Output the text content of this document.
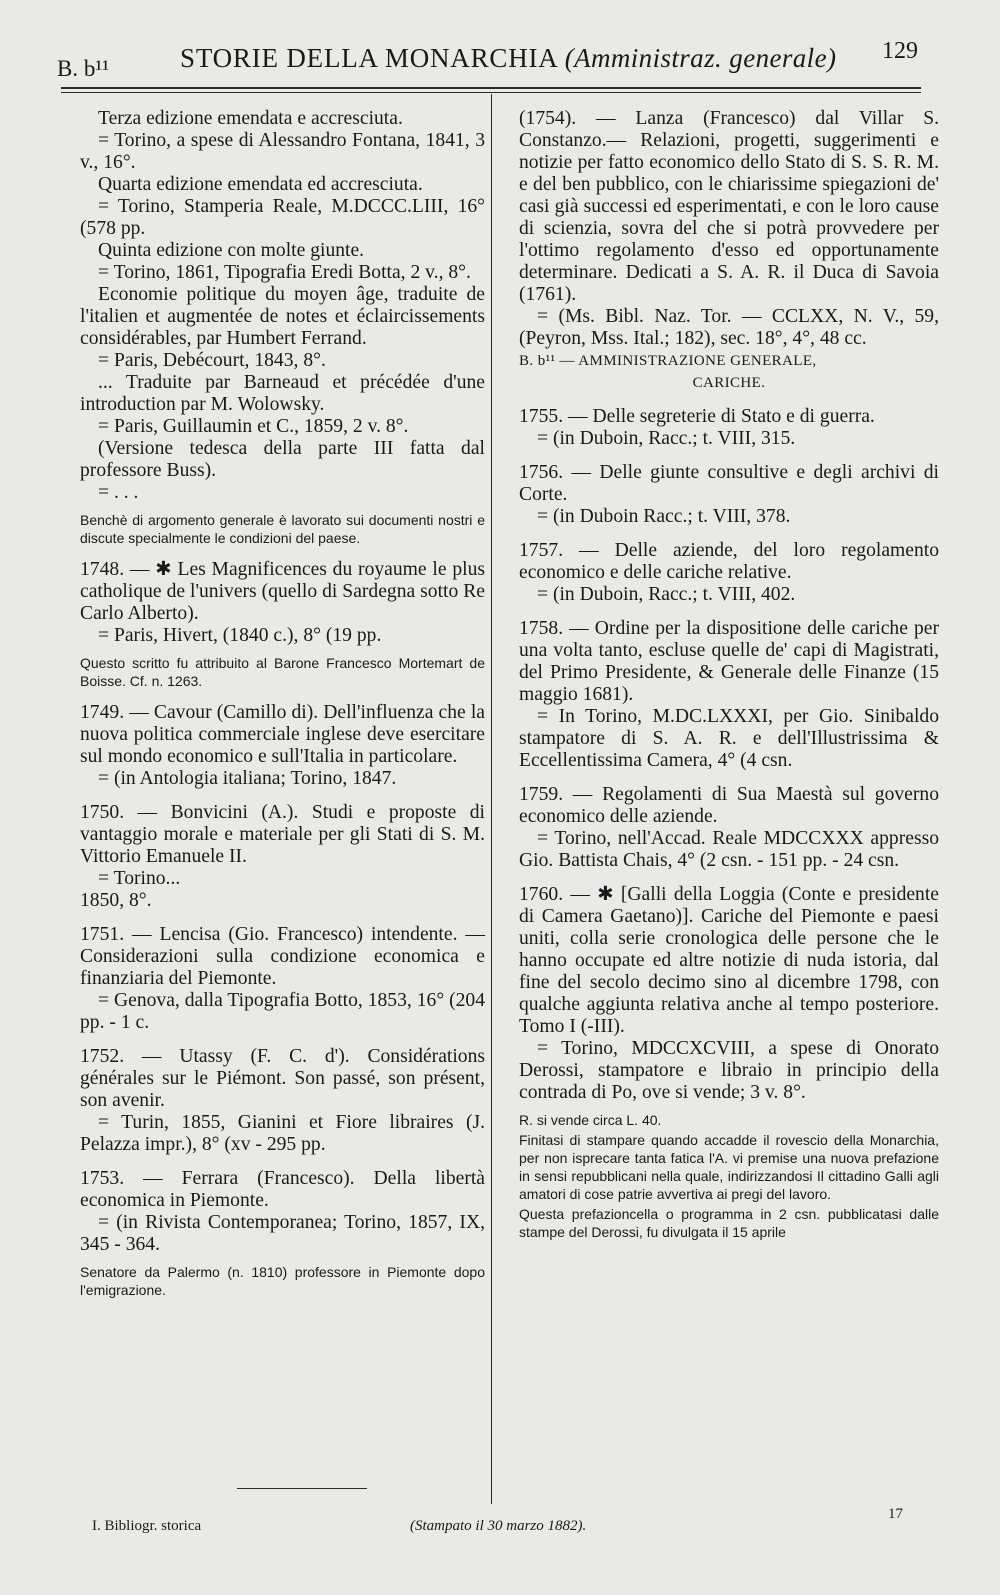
B. b¹¹	STORIE DELLA MONARCHIA (Amministraz. generale) 129

Terza edizione emendata e accresciuta.

= Torino, a spese di Alessandro Fontana, 1841, 3 v., 16°.

Quarta edizione emendata ed accresciuta.

= Torino, Stamperia Reale, M.DCCC.LIII, 16° (578 pp.

Quinta edizione con molte giunte.

= Torino, 1861, Tipografia Eredi Botta, 2 v., 8°.

Economie politique du moyen âge, traduite de l'italien et augmentée de notes et éclaircissements considérables, par Humbert Ferrand.

= Paris, Debécourt, 1843, 8°.

... Traduite par Barneaud et précédée d'une introduction par M. Wolowsky.

= Paris, Guillaumin et C., 1859, 2 v. 8°.

(Versione tedesca della parte III fatta dal professore Buss).

= . . .

Benchè di argomento generale è lavorato sui documenti nostri e discute specialmente le condizioni del paese.

1748. — ✱ Les Magnificences du royaume le plus catholique de l'univers (quello di Sardegna sotto Re Carlo Alberto).

= Paris, Hivert, (1840 c.), 8° (19 pp.

Questo scritto fu attribuito al Barone Francesco Mortemart de Boisse. Cf. n. 1263.

1749. — Cavour (Camillo di). Dell'influenza che la nuova politica commerciale inglese deve esercitare sul mondo economico e sull'Italia in particolare.

= (in Antologia italiana; Torino, 1847.

1750. — Bonvicini (A.). Studi e proposte di vantaggio morale e materiale per gli Stati di S. M. Vittorio Emanuele II.

= Torino...

1850, 8°.

1751. — Lencisa (Gio. Francesco) intendente. — Considerazioni sulla condizione economica e finanziaria del Piemonte.

= Genova, dalla Tipografia Botto, 1853, 16° (204 pp. - 1 c.

1752. — Utassy (F. C. d'). Considérations générales sur le Piémont. Son passé, son présent, son avenir.

= Turin, 1855, Gianini et Fiore libraires (J. Pelazza impr.), 8° (xv - 295 pp.

1753. — Ferrara (Francesco). Della libertà economica in Piemonte.

= (in Rivista Contemporanea; Torino, 1857, IX, 345 - 364.

Senatore da Palermo (n. 1810) professore in Piemonte dopo l'emigrazione.

(1754). — Lanza (Francesco) dal Villar S. Constanzo.— Relazioni, progetti, suggerimenti e notizie per fatto economico dello Stato di S. S. R. M. e del ben pubblico, con le chiarissime spiegazioni de' casi già successi ed esperimentati, e con le loro cause di scienzia, sovra del che si potrà provvedere per l'ottimo regolamento d'esso ed opportunamente determinare. Dedicati a S. A. R. il Duca di Savoia (1761).

= (Ms. Bibl. Naz. Tor. — CCLXX, N. V., 59, (Peyron, Mss. Ital.; 182), sec. 18°, 4°, 48 cc.

B. b¹¹ — AMMINISTRAZIONE GENERALE,

CARICHE.

1755. — Delle segreterie di Stato e di guerra.

= (in Duboin, Racc.; t. VIII, 315.

1756. — Delle giunte consultive e degli archivi di Corte.

= (in Duboin Racc.; t. VIII, 378.

1757. — Delle aziende, del loro regolamento economico e delle cariche relative.

= (in Duboin, Racc.; t. VIII, 402.

1758. — Ordine per la dispositione delle cariche per una volta tanto, escluse quelle de' capi di Magistrati, del Primo Presidente, & Generale delle Finanze (15 maggio 1681).

= In Torino, M.DC.LXXXI, per Gio. Sinibaldo stampatore di S. A. R. e dell'Illustrissima & Eccellentissima Camera, 4° (4 csn.

1759. — Regolamenti di Sua Maestà sul governo economico delle aziende.

= Torino, nell'Accad. Reale MDCCXXX appresso Gio. Battista Chais, 4° (2 csn. - 151 pp. - 24 csn.

1760. — ✱ [Galli della Loggia (Conte e presidente di Camera Gaetano)]. Cariche del Piemonte e paesi uniti, colla serie cronologica delle persone che le hanno occupate ed altre notizie di nuda istoria, dal fine del secolo decimo sino al dicembre 1798, con qualche aggiunta relativa anche al tempo posteriore. Tomo I (-III).

= Torino, MDCCXCVIII, a spese di Onorato Derossi, stampatore e libraio in principio della contrada di Po, ove si vende; 3 v. 8°.

R. si vende circa L. 40.

Finitasi di stampare quando accadde il rovescio della Monarchia, per non isprecare tanta fatica l'A. vi premise una nuova prefazione in sensi repubblicani nella quale, indirizzandosi Il cittadino Galli agli amatori di cose patrie avvertiva ai pregi del lavoro.

Questa prefazioncella o programma in 2 csn. pubblicatasi dalle stampe del Derossi, fu divulgata il 15 aprile

I. Bibliogr. storica	(Stampato il 30 marzo 1882).
17
